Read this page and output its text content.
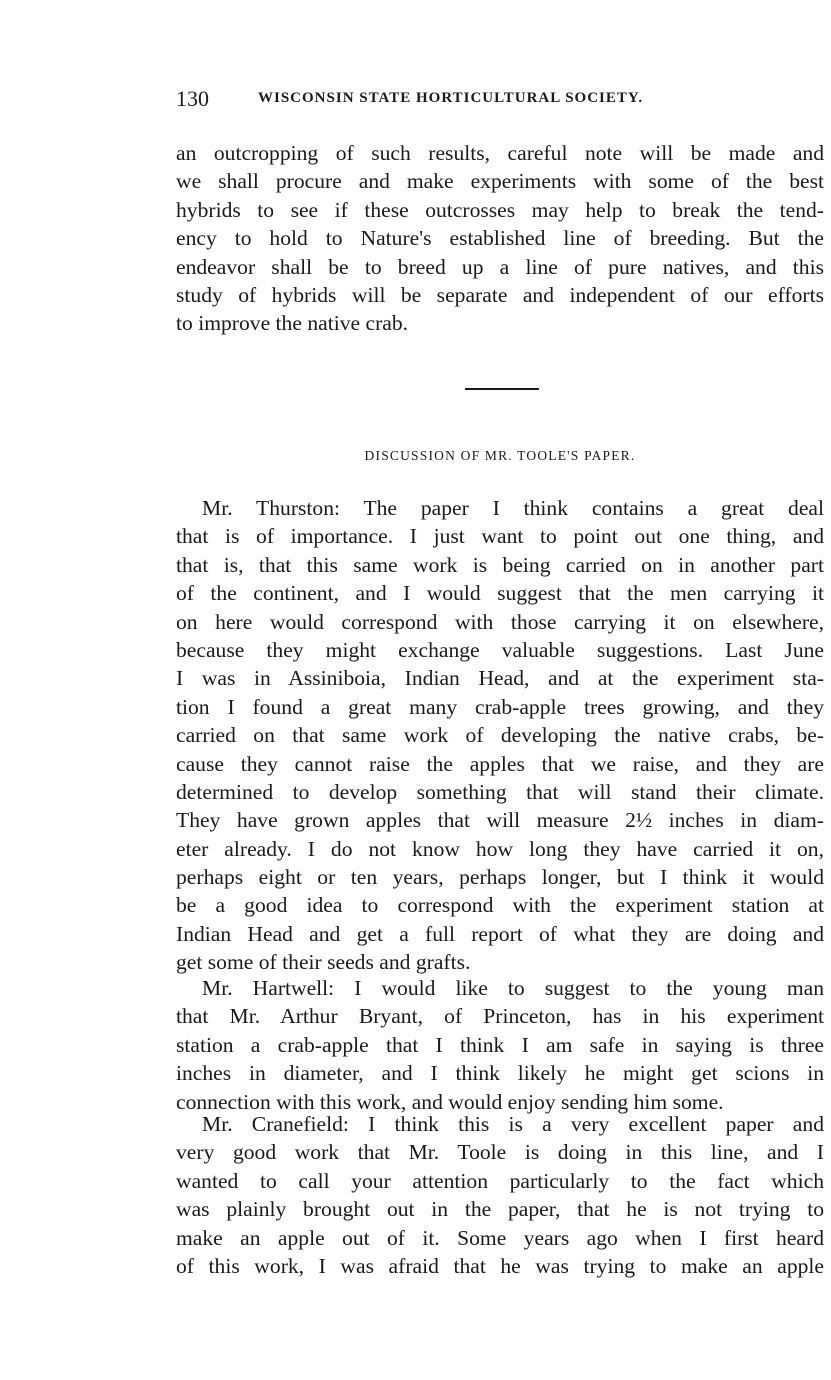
130	WISCONSIN STATE HORTICULTURAL SOCIETY.
an outcropping of such results, careful note will be made and
we shall procure and make experiments with some of the best
hybrids to see if these outcrosses may help to break the tend-
ency to hold to Nature's established line of breeding. But the
endeavor shall be to breed up a line of pure natives, and this
study of hybrids will be separate and independent of our efforts
to improve the native crab.
DISCUSSION OF MR. TOOLE'S PAPER.
Mr. Thurston: The paper I think contains a great deal
that is of importance. I just want to point out one thing, and
that is, that this same work is being carried on in another part
of the continent, and I would suggest that the men carrying it
on here would correspond with those carrying it on elsewhere,
because they might exchange valuable suggestions. Last June
I was in Assiniboia, Indian Head, and at the experiment sta-
tion I found a great many crab-apple trees growing, and they
carried on that same work of developing the native crabs, be-
cause they cannot raise the apples that we raise, and they are
determined to develop something that will stand their climate.
They have grown apples that will measure 2½ inches in diam-
eter already. I do not know how long they have carried it on,
perhaps eight or ten years, perhaps longer, but I think it would
be a good idea to correspond with the experiment station at
Indian Head and get a full report of what they are doing and
get some of their seeds and grafts.
Mr. Hartwell: I would like to suggest to the young man
that Mr. Arthur Bryant, of Princeton, has in his experiment
station a crab-apple that I think I am safe in saying is three
inches in diameter, and I think likely he might get scions in
connection with this work, and would enjoy sending him some.
Mr. Cranefield: I think this is a very excellent paper and
very good work that Mr. Toole is doing in this line, and I
wanted to call your attention particularly to the fact which
was plainly brought out in the paper, that he is not trying to
make an apple out of it. Some years ago when I first heard
of this work, I was afraid that he was trying to make an apple
